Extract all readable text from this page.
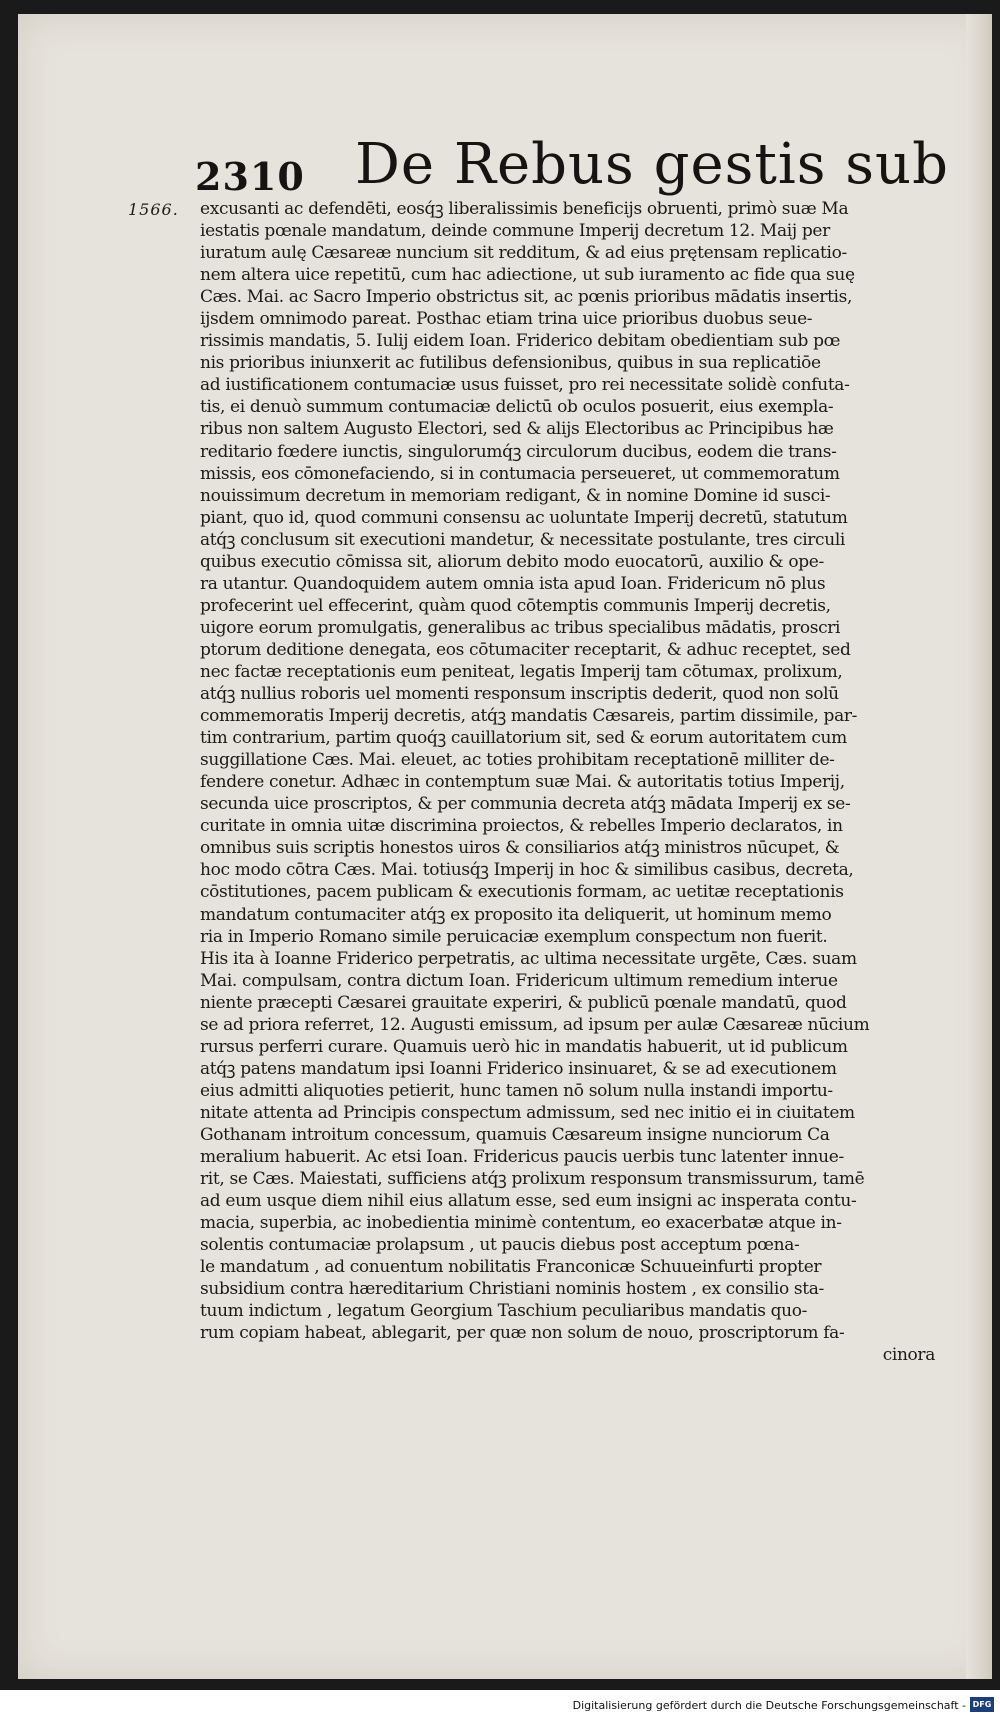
2310 De Rebus gestis sub
1566. excusanti ac defendēti, eosq́ꝫ liberalissimis beneficijs obruenti, primò suæ Ma
iestatis pœnale mandatum, deinde commune Imperij decretum 12. Maij per
iuratum aulę Cæsareæ nuncium sit redditum, & ad eius prętensam replicatio-
nem altera uice repetitū, cum hac adiectione, ut sub iuramento ac fide qua suę
Cæs. Mai. ac Sacro Imperio obstrictus sit, ac pœnis prioribus mādatis insertis,
ijsdem omnimodo pareat. Posthac etiam trina uice prioribus duobus seue-
rissimis mandatis, 5. Iulij eidem Ioan. Friderico debitam obedientiam sub pœ
nis prioribus iniunxerit ac futilibus defensionibus, quibus in sua replicatiōe
ad iustificationem contumaciæ usus fuisset, pro rei necessitate solidè confuta-
tis, ei denuò summum contumaciæ delictū ob oculos posuerit, eius exempla-
ribus non saltem Augusto Electori, sed & alijs Electoribus ac Principibus hæ
reditario fœdere iunctis, singulorumq́ꝫ circulorum ducibus, eodem die trans-
missis, eos cōmonefaciendo, si in contumacia perseueret, ut commemoratum
nouissimum decretum in memoriam redigant, & in nomine Domine id susci-
piant, quo id, quod communi consensu ac uoluntate Imperij decretū, statutum
atq́ꝫ conclusum sit executioni mandetur, & necessitate postulante, tres circuli
quibus executio cōmissa sit, aliorum debito modo euocatorū, auxilio & ope-
ra utantur. Quandoquidem autem omnia ista apud Ioan. Fridericum nō plus
profecerint uel effecerint, quàm quod cōtemptis communis Imperij decretis,
uigore eorum promulgatis, generalibus ac tribus specialibus mādatis, proscri
ptorum deditione denegata, eos cōtumaciter receptarit, & adhuc receptet, sed
nec factæ receptationis eum peniteat, legatis Imperij tam cōtumax, prolixum,
atq́ꝫ nullius roboris uel momenti responsum inscriptis dederit, quod non solū
commemoratis Imperij decretis, atq́ꝫ mandatis Cæsareis, partim dissimile, par-
tim contrarium, partim quoq́ꝫ cauillatorium sit, sed & eorum autoritatem cum
suggillatione Cæs. Mai. eleuet, ac toties prohibitam receptationē milliter de-
fendere conetur. Adhæc in contemptum suæ Mai. & autoritatis totius Imperij,
secunda uice proscriptos, & per communia decreta atq́ꝫ mādata Imperij ex se-
curitate in omnia uitæ discrimina proiectos, & rebelles Imperio declaratos, in
omnibus suis scriptis honestos uiros & consiliarios atq́ꝫ ministros nūcupet, &
hoc modo cōtra Cæs. Mai. totiusq́ꝫ Imperij in hoc & similibus casibus, decreta,
cōstitutiones, pacem publicam & executionis formam, ac uetitæ receptationis
mandatum contumaciter atq́ꝫ ex proposito ita deliquerit, ut hominum memo
ria in Imperio Romano simile peruicaciæ exemplum conspectum non fuerit.
His ita à Ioanne Friderico perpetratis, ac ultima necessitate urgēte, Cæs. suam
Mai. compulsam, contra dictum Ioan. Fridericum ultimum remedium interue
niente præcepti Cæsarei grauitate experiri, & publicū pœnale mandatū, quod
se ad priora referret, 12. Augusti emissum, ad ipsum per aulæ Cæsareæ nūcium
rursus perferri curare. Quamuis uerò hic in mandatis habuerit, ut id publicum
atq́ꝫ patens mandatum ipsi Ioanni Friderico insinuaret, & se ad executionem
eius admitti aliquoties petierit, hunc tamen nō solum nulla instandi importu-
nitate attenta ad Principis conspectum admissum, sed nec initio ei in ciuitatem
Gothanam introitum concessum, quamuis Cæsareum insigne nunciorum Ca
meralium habuerit. Ac etsi Ioan. Fridericus paucis uerbis tunc latenter innue-
rit, se Cæs. Maiestati, sufficiens atq́ꝫ prolixum responsum transmissurum, tamē
ad eum usque diem nihil eius allatum esse, sed eum insigni ac insperata contu-
macia, superbia, ac inobedientia minimè contentum, eo exacerbatæ atque in-
solentis contumaciæ prolapsum , ut paucis diebus post acceptum pœna-
le mandatum , ad conuentum nobilitatis Franconicæ Schuueinfurti propter
subsidium contra hæreditarium Christiani nominis hostem , ex consilio sta-
tuum indictum , legatum Georgium Taschium peculiaribus mandatis quo-
rum copiam habeat, ablegarit, per quæ non solum de nouo, proscriptorum fa-
cinora
Digitalisierung gefördert durch die Deutsche Forschungsgemeinschaft - DFG
